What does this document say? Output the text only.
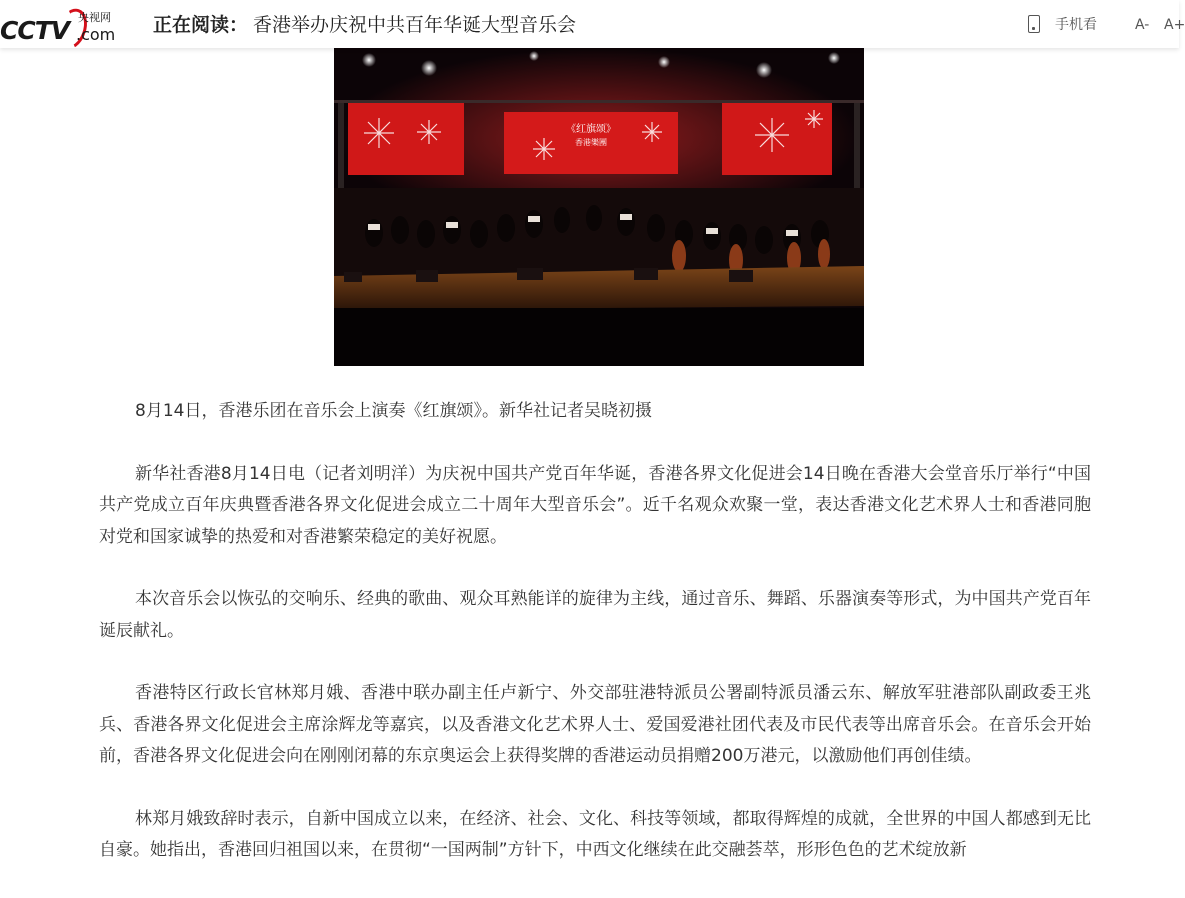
CCTV 央视网
.com 正在阅读： 香港举办庆祝中共百年华诞大型音乐会	手机看	A- A+
《红旗颂》
香港樂團

8月14日，香港乐团在音乐会上演奏《红旗颂》。新华社记者吴晓初摄

新华社香港8月14日电（记者刘明洋）为庆祝中国共产党百年华诞，香港各界文化促进会14日晚在香港大会堂音乐厅举行“中国共产党成立百年庆典暨香港各界文化促进会成立二十周年大型音乐会”。近千名观众欢聚一堂，表达香港文化艺术界人士和香港同胞对党和国家诚挚的热爱和对香港繁荣稳定的美好祝愿。

本次音乐会以恢弘的交响乐、经典的歌曲、观众耳熟能详的旋律为主线，通过音乐、舞蹈、乐器演奏等形式，为中国共产党百年诞辰献礼。

香港特区行政长官林郑月娥、香港中联办副主任卢新宁、外交部驻港特派员公署副特派员潘云东、解放军驻港部队副政委王兆兵、香港各界文化促进会主席涂辉龙等嘉宾，以及香港文化艺术界人士、爱国爱港社团代表及市民代表等出席音乐会。在音乐会开始前，香港各界文化促进会向在刚刚闭幕的东京奥运会上获得奖牌的香港运动员捐赠200万港元，以激励他们再创佳绩。

林郑月娥致辞时表示，自新中国成立以来，在经济、社会、文化、科技等领域，都取得辉煌的成就，全世界的中国人都感到无比自豪。她指出，香港回归祖国以来，在贯彻“一国两制”方针下，中西文化继续在此交融荟萃，形形色色的艺术绽放新
